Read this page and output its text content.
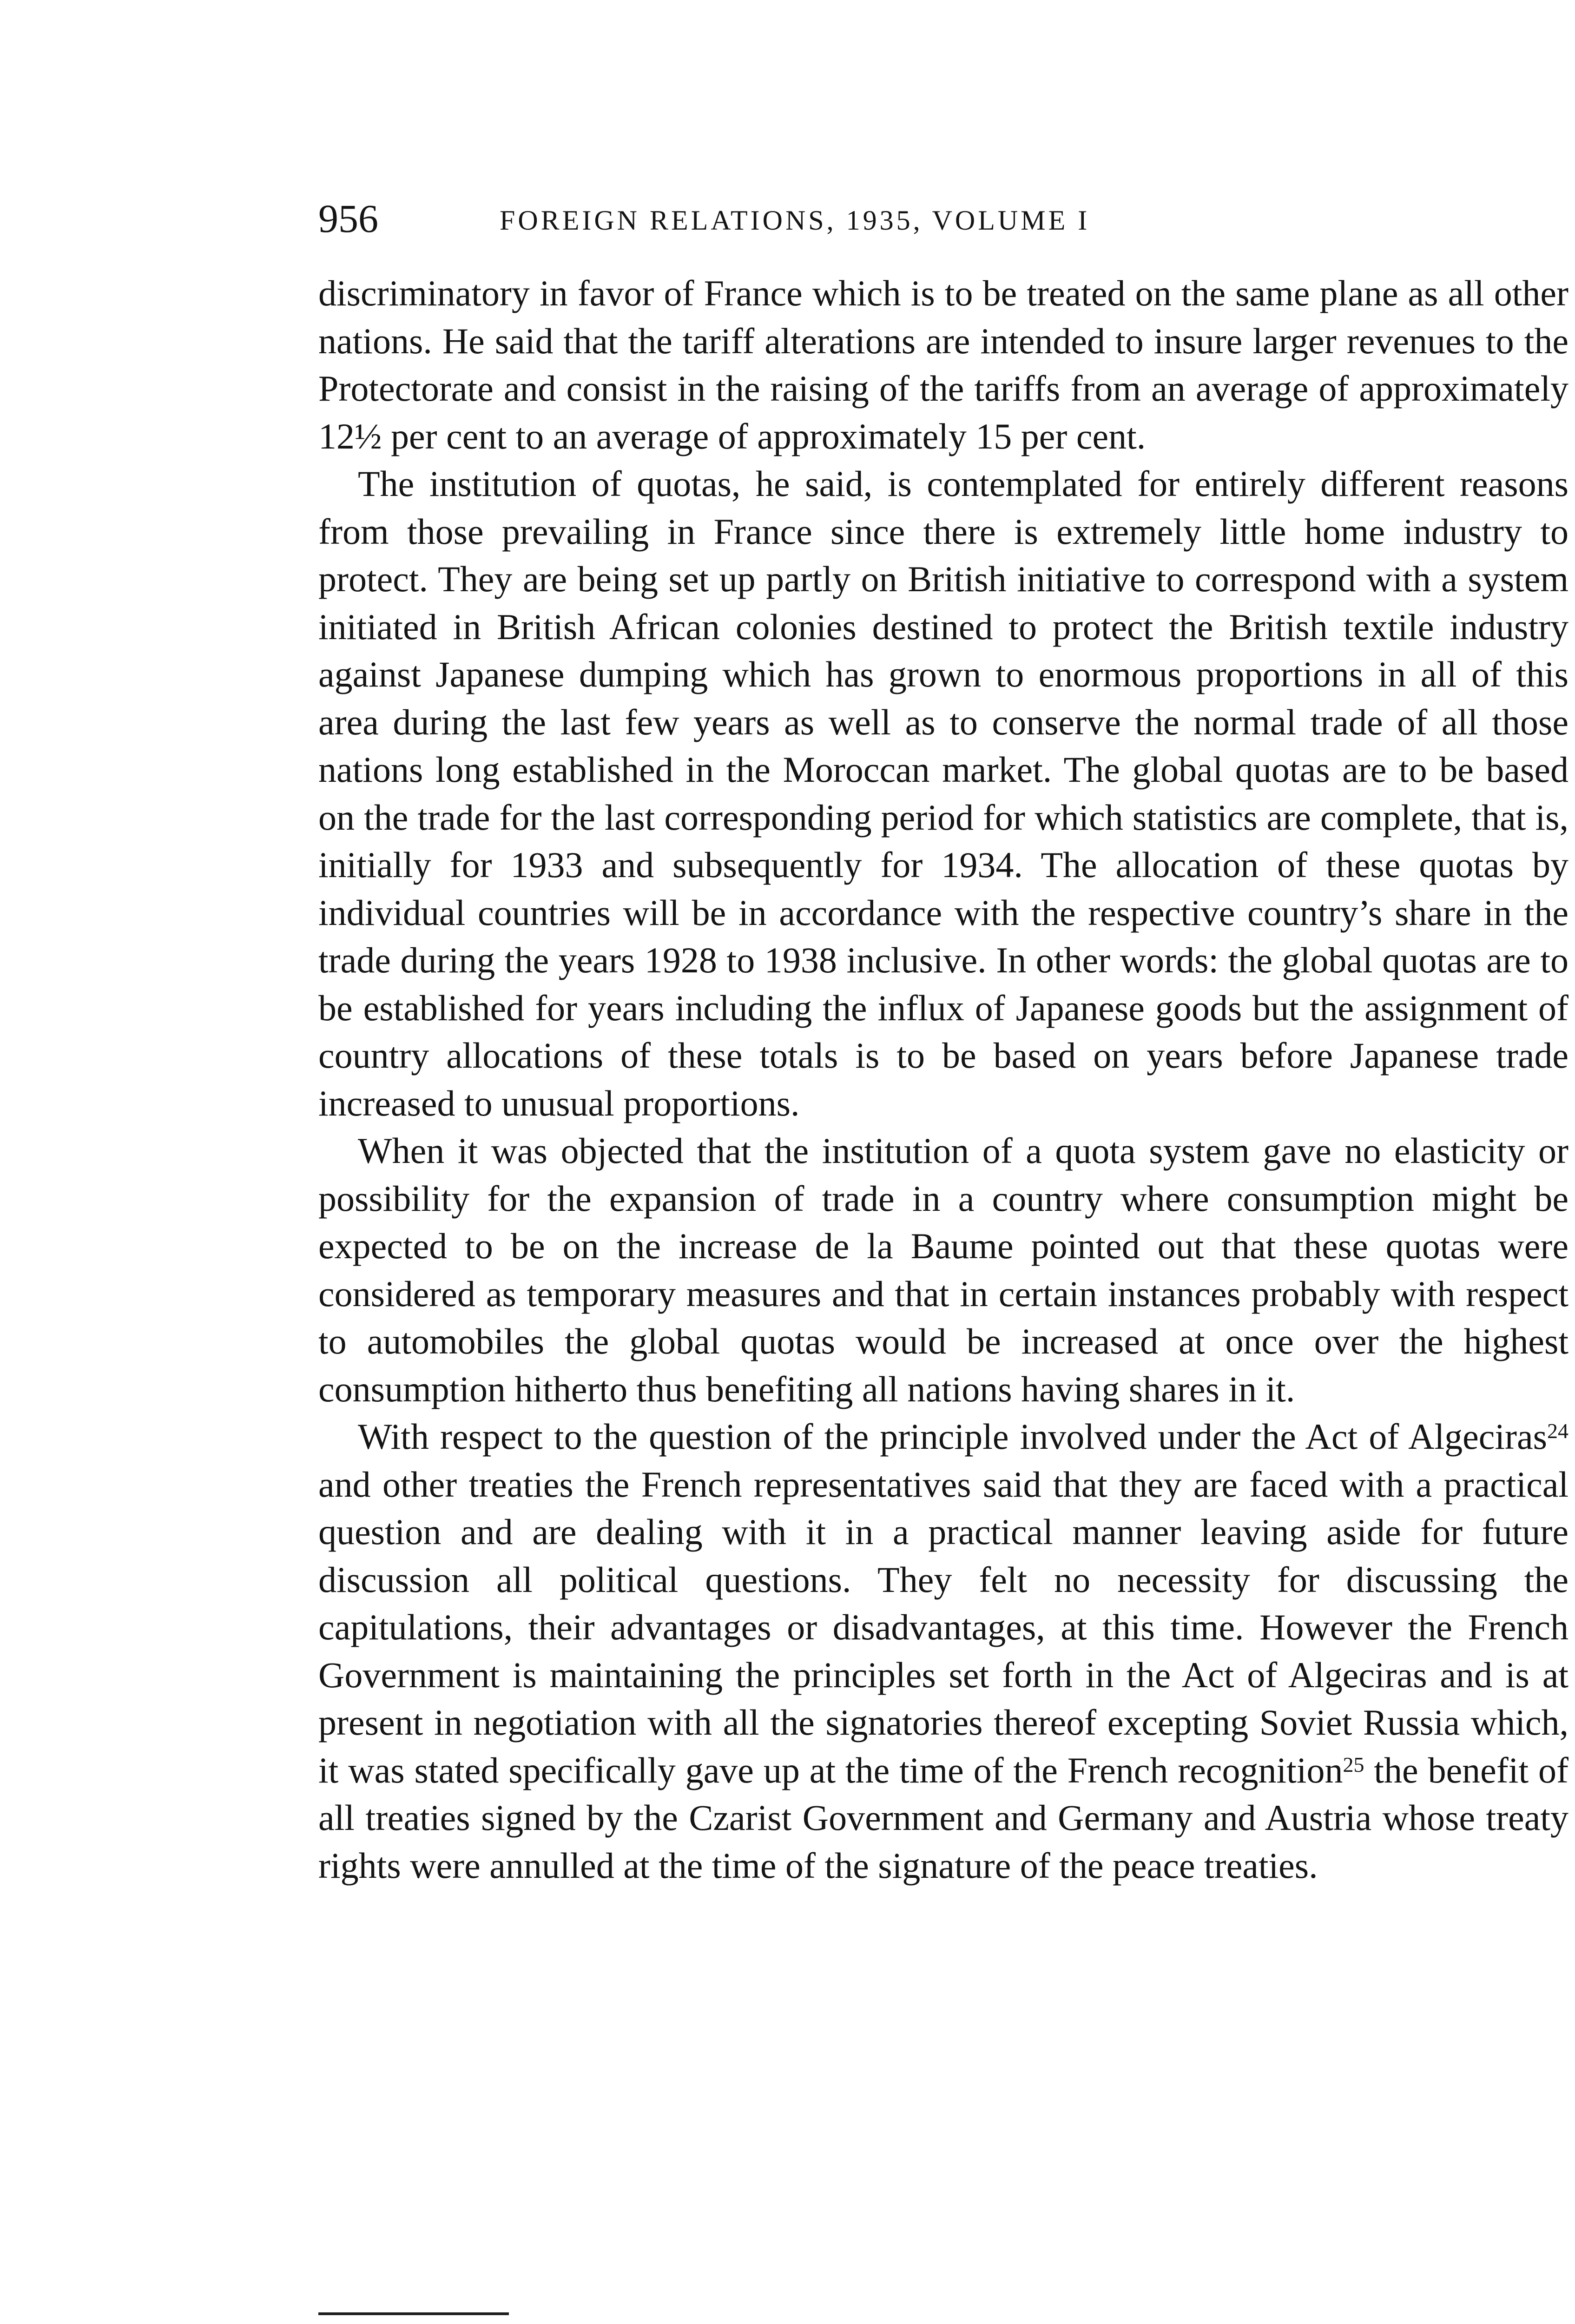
956	FOREIGN RELATIONS, 1935, VOLUME I

discriminatory in favor of France which is to be treated on the same plane as all other nations. He said that the tariff alterations are intended to insure larger revenues to the Protectorate and consist in the raising of the tariffs from an average of approximately 12½ per cent to an average of approximately 15 per cent.

The institution of quotas, he said, is contemplated for entirely different reasons from those prevailing in France since there is extremely little home industry to protect. They are being set up partly on British initiative to correspond with a system initiated in British African colonies destined to protect the British textile industry against Japanese dumping which has grown to enormous proportions in all of this area during the last few years as well as to conserve the normal trade of all those nations long established in the Moroccan market. The global quotas are to be based on the trade for the last corresponding period for which statistics are complete, that is, initially for 1933 and subsequently for 1934. The allocation of these quotas by individual countries will be in accordance with the respective country’s share in the trade during the years 1928 to 1938 inclusive. In other words: the global quotas are to be established for years including the influx of Japanese goods but the assignment of country allocations of these totals is to be based on years before Japanese trade increased to unusual proportions.

When it was objected that the institution of a quota system gave no elasticity or possibility for the expansion of trade in a country where consumption might be expected to be on the increase de la Baume pointed out that these quotas were considered as temporary measures and that in certain instances probably with respect to automobiles the global quotas would be increased at once over the highest consumption hitherto thus benefiting all nations having shares in it.

With respect to the question of the principle involved under the Act of Algeciras$^{24}$ and other treaties the French representatives said that they are faced with a practical question and are dealing with it in a practical manner leaving aside for future discussion all political questions. They felt no necessity for discussing the capitulations, their advantages or disadvantages, at this time. However the French Government is maintaining the principles set forth in the Act of Algeciras and is at present in negotiation with all the signatories thereof excepting Soviet Russia which, it was stated specifically gave up at the time of the French recognition$^{25}$ the benefit of all treaties signed by the Czarist Government and Germany and Austria whose treaty rights were annulled at the time of the signature of the peace treaties.
